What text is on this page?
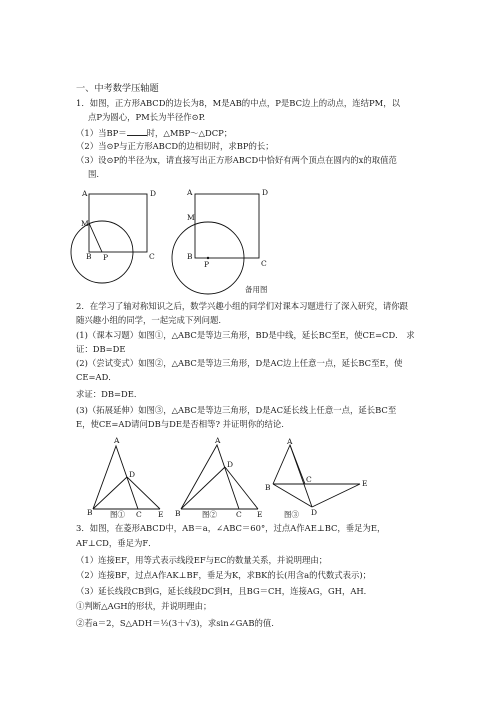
一、中考数学压轴题
1．如图，正方形ABCD的边长为8，M是AB的中点，P是BC边上的动点，连结PM，以
点P为圆心，PM长为半径作⊙P.
（1）当BP＝ 时，△MBP～△DCP；
（2）当⊙P与正方形ABCD的边相切时，求BP的长；
（3）设⊙P的半径为x，请直接写出正方形ABCD中恰好有两个顶点在圆内的x的取值范
围.
A	D
M
B P	C
A	D
M
B
P	C
备用图
2．在学习了轴对称知识之后，数学兴趣小组的同学们对课本习题进行了深入研究，请你跟
随兴趣小组的同学，一起完成下列问题.
(1)（课本习题）如图①，△ABC是等边三角形，BD是中线，延长BC至E，使CE=CD． 求
证：DB=DE
(2)（尝试变式）如图②，△ABC是等边三角形，D是AC边上任意一点，延长BC至E，使
CE=AD．
求证：DB=DE．
(3)（拓展延伸）如图③，△ABC是等边三角形，D是AC延长线上任意一点，延长BC至
E，使CE=AD请问DB与DE是否相等? 并证明你的结论.
A
D
B	C E
图①
A
D
B	C E
图②
A
B
C	E
D
图③
3．如图，在菱形ABCD中，AB＝a，∠ABC＝60°，过点A作AE⊥BC，垂足为E，
AF⊥CD，垂足为F．
（1）连接EF，用等式表示线段EF与EC的数量关系，并说明理由；
（2）连接BF，过点A作AK⊥BF，垂足为K，求BK的长(用含a的代数式表示)；
（3）延长线段CB到G，延长线段DC到H，且BG＝CH，连接AG，GH，AH．
①判断△AGH的形状，并说明理由；
②若a＝2，S△ADH＝½(3＋√3)，求sin∠GAB的值.
